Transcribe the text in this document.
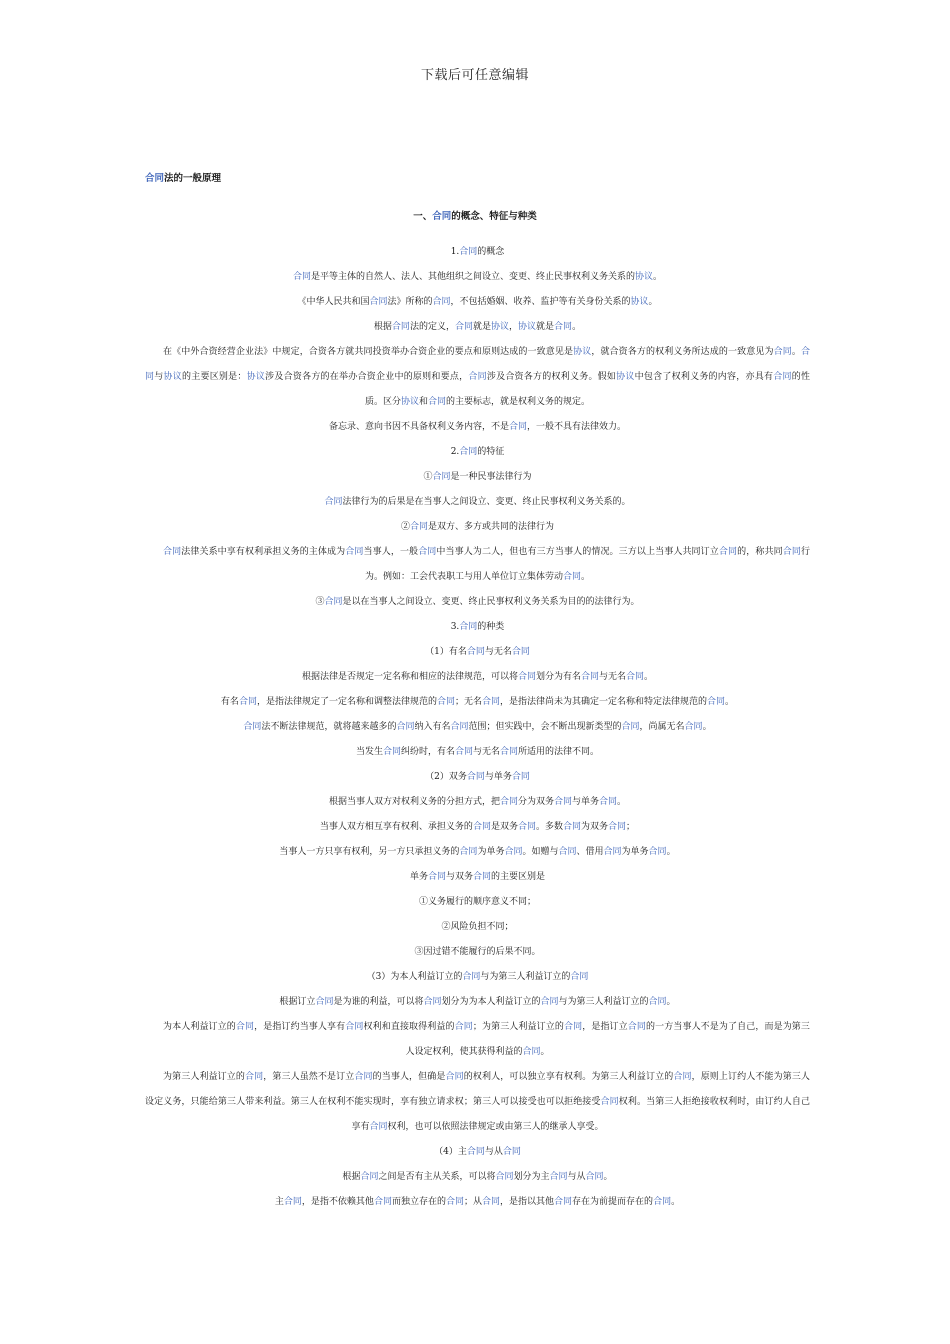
下载后可任意编辑
合同法的一般原理
一、合同的概念、特征与种类

1.合同的概念

合同是平等主体的自然人、法人、其他组织之间设立、变更、终止民事权利义务关系的协议。

《中华人民共和国合同法》所称的合同，不包括婚姻、收养、监护等有关身份关系的协议。

根据合同法的定义，合同就是协议，协议就是合同。

在《中外合资经营企业法》中规定，合资各方就共同投资举办合资企业的要点和原则达成的一致意见是协议，就合资各方的权利义务所达成的一致意见为合同。合同与协议的主要区别是：协议涉及合资各方的在举办合资企业中的原则和要点，合同涉及合资各方的权利义务。假如协议中包含了权利义务的内容，亦具有合同的性质。区分协议和合同的主要标志，就是权利义务的规定。

备忘录、意向书因不具备权利义务内容，不是合同，一般不具有法律效力。

2.合同的特征

①合同是一种民事法律行为

合同法律行为的后果是在当事人之间设立、变更、终止民事权利义务关系的。

②合同是双方、多方或共同的法律行为

合同法律关系中享有权利承担义务的主体成为合同当事人，一般合同中当事人为二人，但也有三方当事人的情况。三方以上当事人共同订立合同的，称共同合同行为。例如：工会代表职工与用人单位订立集体劳动合同。

③合同是以在当事人之间设立、变更、终止民事权利义务关系为目的的法律行为。

3.合同的种类

（1）有名合同与无名合同

根据法律是否规定一定名称和相应的法律规范，可以将合同划分为有名合同与无名合同。

有名合同，是指法律规定了一定名称和调整法律规范的合同；无名合同，是指法律尚未为其确定一定名称和特定法律规范的合同。

合同法不断法律规范，就将越来越多的合同纳入有名合同范围；但实践中，会不断出现新类型的合同，尚属无名合同。

当发生合同纠纷时，有名合同与无名合同所适用的法律不同。

（2）双务合同与单务合同

根据当事人双方对权利义务的分担方式，把合同分为双务合同与单务合同。

当事人双方相互享有权利、承担义务的合同是双务合同。多数合同为双务合同；

当事人一方只享有权利，另一方只承担义务的合同为单务合同。如赠与合同、借用合同为单务合同。

单务合同与双务合同的主要区别是

①义务履行的顺序意义不同；

②风险负担不同；

③因过错不能履行的后果不同。

（3）为本人利益订立的合同与为第三人利益订立的合同

根据订立合同是为谁的利益，可以将合同划分为为本人利益订立的合同与为第三人利益订立的合同。

为本人利益订立的合同，是指订约当事人享有合同权利和直接取得利益的合同；为第三人利益订立的合同，是指订立合同的一方当事人不是为了自己，而是为第三人设定权利，使其获得利益的合同。

为第三人利益订立的合同，第三人虽然不是订立合同的当事人，但确是合同的权利人，可以独立享有权利。为第三人利益订立的合同，原则上订约人不能为第三人设定义务，只能给第三人带来利益。第三人在权利不能实现时，享有独立请求权；第三人可以接受也可以拒绝接受合同权利。当第三人拒绝接收权利时，由订约人自己享有合同权利，也可以依照法律规定或由第三人的继承人享受。

（4）主合同与从合同

根据合同之间是否有主从关系，可以将合同划分为主合同与从合同。

主合同，是指不依赖其他合同而独立存在的合同；从合同，是指以其他合同存在为前提而存在的合同。
